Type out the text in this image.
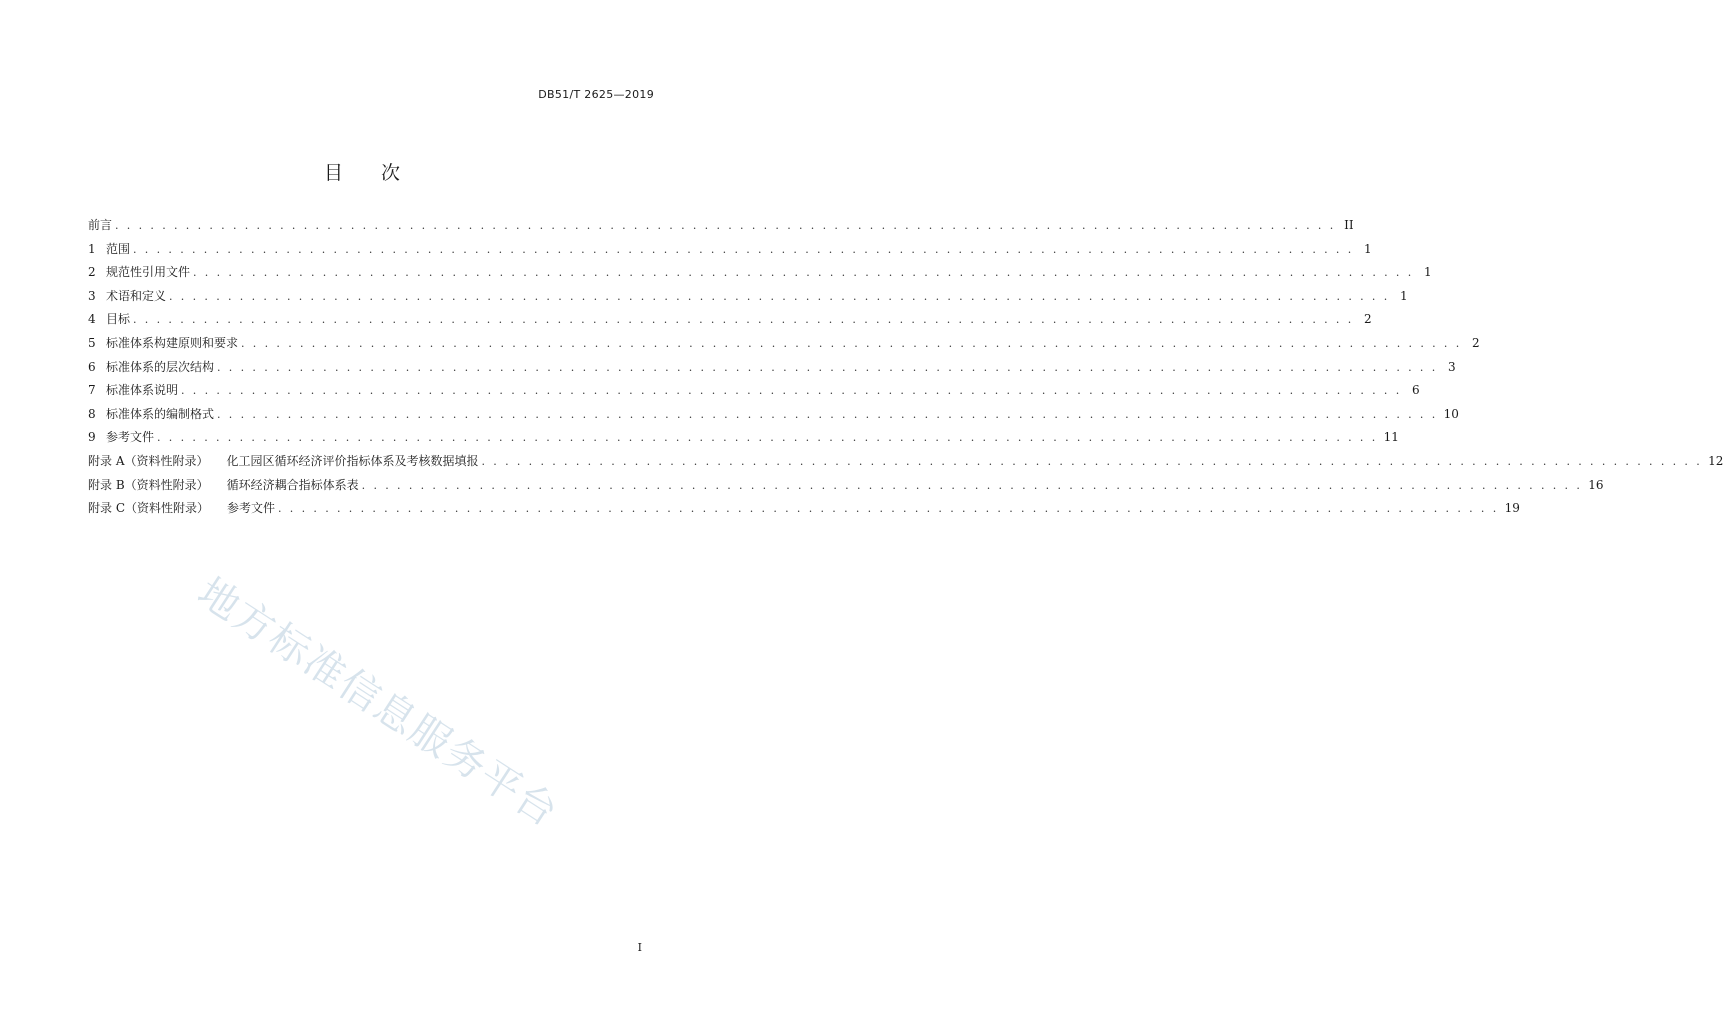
DB51/T 2625—2019
目 次
前言 . . . . . . . . . . . . . . . . . . . . . . . . . . . . . . . . . . . . . . . . . . . . . . . . . . . . . . . . . . . . . . . . . . . . . . . . . . . . . . . . . . . . . . . . . . . . . . . . . . . . . . . . II
1 范围 . . . . . . . . . . . . . . . . . . . . . . . . . . . . . . . . . . . . . . . . . . . . . . . . . . . . . . . . . . . . . . . . . . . . . . . . . . . . . . . . . . . . . . . . . . . . . . . . . . . . . . . . 1
2 规范性引用文件 . . . . . . . . . . . . . . . . . . . . . . . . . . . . . . . . . . . . . . . . . . . . . . . . . . . . . . . . . . . . . . . . . . . . . . . . . . . . . . . . . . . . . . . . . . . . . . . . . . . . . . . . 1
3 术语和定义 . . . . . . . . . . . . . . . . . . . . . . . . . . . . . . . . . . . . . . . . . . . . . . . . . . . . . . . . . . . . . . . . . . . . . . . . . . . . . . . . . . . . . . . . . . . . . . . . . . . . . . . . 1
4 目标 . . . . . . . . . . . . . . . . . . . . . . . . . . . . . . . . . . . . . . . . . . . . . . . . . . . . . . . . . . . . . . . . . . . . . . . . . . . . . . . . . . . . . . . . . . . . . . . . . . . . . . . . 2
5 标准体系构建原则和要求 . . . . . . . . . . . . . . . . . . . . . . . . . . . . . . . . . . . . . . . . . . . . . . . . . . . . . . . . . . . . . . . . . . . . . . . . . . . . . . . . . . . . . . . . . . . . . . . . . . . . . . . . 2
6 标准体系的层次结构 . . . . . . . . . . . . . . . . . . . . . . . . . . . . . . . . . . . . . . . . . . . . . . . . . . . . . . . . . . . . . . . . . . . . . . . . . . . . . . . . . . . . . . . . . . . . . . . . . . . . . . . . 3
7 标准体系说明 . . . . . . . . . . . . . . . . . . . . . . . . . . . . . . . . . . . . . . . . . . . . . . . . . . . . . . . . . . . . . . . . . . . . . . . . . . . . . . . . . . . . . . . . . . . . . . . . . . . . . . . . 6
8 标准体系的编制格式 . . . . . . . . . . . . . . . . . . . . . . . . . . . . . . . . . . . . . . . . . . . . . . . . . . . . . . . . . . . . . . . . . . . . . . . . . . . . . . . . . . . . . . . . . . . . . . . . . . . . . . . . 10
9 参考文件 . . . . . . . . . . . . . . . . . . . . . . . . . . . . . . . . . . . . . . . . . . . . . . . . . . . . . . . . . . . . . . . . . . . . . . . . . . . . . . . . . . . . . . . . . . . . . . . . . . . . . . . . 11
附录 A（资料性附录） 化工园区循环经济评价指标体系及考核数据填报 . . . . . . . . . . . . . . . . . . . . . . . . . . . . . . . . . . . . . . . . . . . . . . . . . . . . . . . . . . . . . . . . . . . . . . . . . . . . . . . . . . . . . . . . . . . . . . . . . . . . . . . . 12
附录 B（资料性附录） 循环经济耦合指标体系表 . . . . . . . . . . . . . . . . . . . . . . . . . . . . . . . . . . . . . . . . . . . . . . . . . . . . . . . . . . . . . . . . . . . . . . . . . . . . . . . . . . . . . . . . . . . . . . . . . . . . . . . . 16
附录 C（资料性附录） 参考文件 . . . . . . . . . . . . . . . . . . . . . . . . . . . . . . . . . . . . . . . . . . . . . . . . . . . . . . . . . . . . . . . . . . . . . . . . . . . . . . . . . . . . . . . . . . . . . . . . . . . . . . . . 19
地方标准信息服务平台
I
